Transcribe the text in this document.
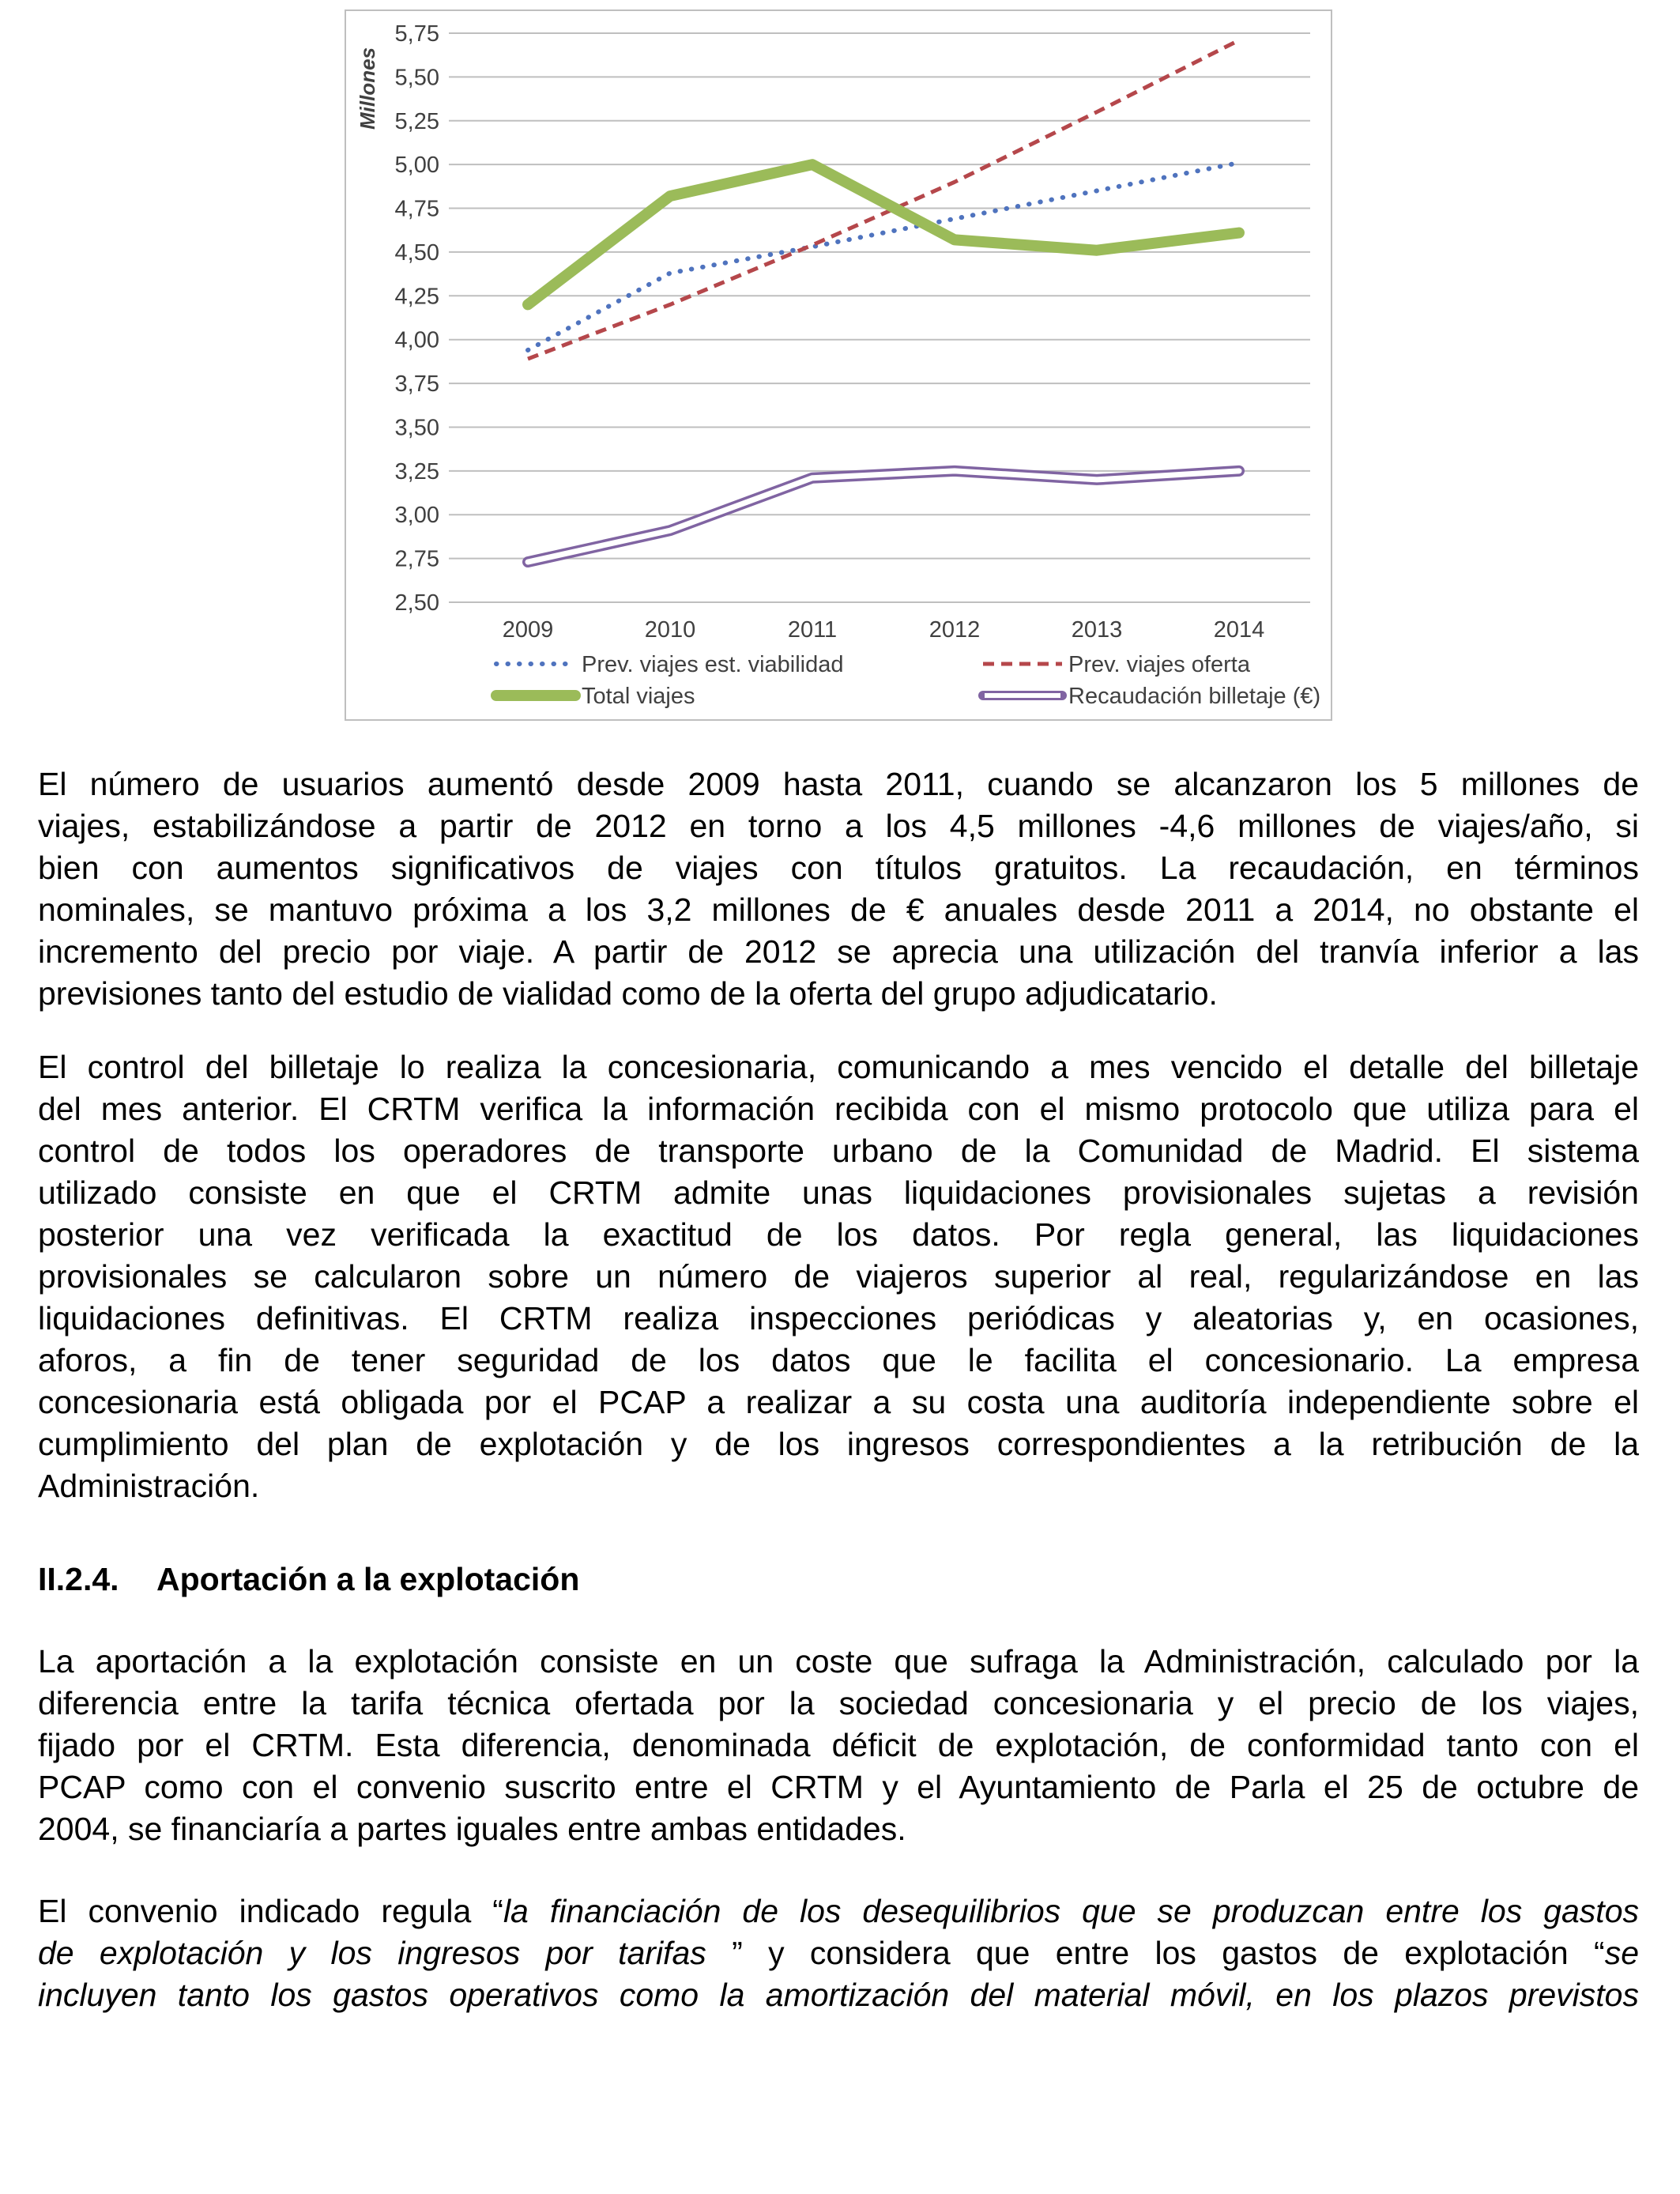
2,50
2,75
3,00
3,25
3,50
3,75
4,00
4,25
4,50
4,75
5,00
5,25
5,50
5,75
Millones
2009	2010	2011	2012	2013	2014
Prev. viajes est. viabilidad	Prev. viajes oferta
Total viajes	Recaudación billetaje (€)
El número de usuarios aumentó desde 2009 hasta 2011, cuando se alcanzaron los 5 millones de
viajes, estabilizándose a partir de 2012 en torno a los 4,5 millones -4,6 millones de viajes/año, si
bien con aumentos significativos de viajes con títulos gratuitos. La recaudación, en términos
nominales, se mantuvo próxima a los 3,2 millones de € anuales desde 2011 a 2014, no obstante el
incremento del precio por viaje. A partir de 2012 se aprecia una utilización del tranvía inferior a las
previsiones tanto del estudio de vialidad como de la oferta del grupo adjudicatario.
El control del billetaje lo realiza la concesionaria, comunicando a mes vencido el detalle del billetaje
del mes anterior. El CRTM verifica la información recibida con el mismo protocolo que utiliza para el
control de todos los operadores de transporte urbano de la Comunidad de Madrid. El sistema
utilizado consiste en que el CRTM admite unas liquidaciones provisionales sujetas a revisión
posterior una vez verificada la exactitud de los datos. Por regla general, las liquidaciones
provisionales se calcularon sobre un número de viajeros superior al real, regularizándose en las
liquidaciones definitivas. El CRTM realiza inspecciones periódicas y aleatorias y, en ocasiones,
aforos, a fin de tener seguridad de los datos que le facilita el concesionario. La empresa
concesionaria está obligada por el PCAP a realizar a su costa una auditoría independiente sobre el
cumplimiento del plan de explotación y de los ingresos correspondientes a la retribución de la
Administración.
II.2.4. Aportación a la explotación
La aportación a la explotación consiste en un coste que sufraga la Administración, calculado por la
diferencia entre la tarifa técnica ofertada por la sociedad concesionaria y el precio de los viajes,
fijado por el CRTM. Esta diferencia, denominada déficit de explotación, de conformidad tanto con el
PCAP como con el convenio suscrito entre el CRTM y el Ayuntamiento de Parla el 25 de octubre de
2004, se financiaría a partes iguales entre ambas entidades.
El convenio indicado regula “la financiación de los desequilibrios que se produzcan entre los gastos
de explotación y los ingresos por tarifas ” y considera que entre los gastos de explotación “se
incluyen tanto los gastos operativos como la amortización del material móvil, en los plazos previstos
